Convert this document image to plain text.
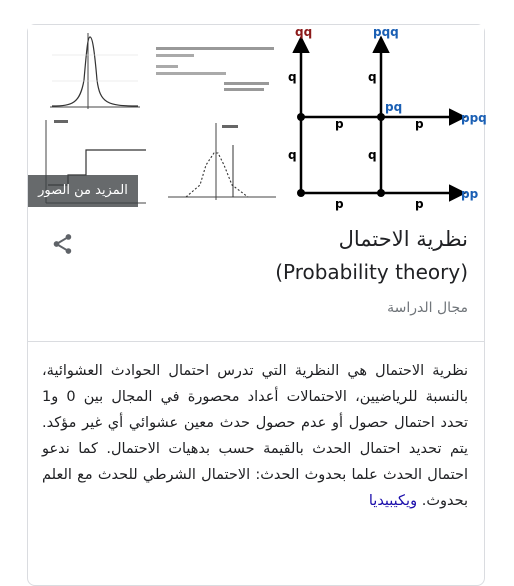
المزيد من الصور
qq	pqq
pq
ppq
pp
q	q
q	q
p	p
p	p
نظرية الاحتمال
(Probability theory)
مجال الدراسة
نظرية الاحتمال هي النظرية التي تدرس احتمال الحوادث العشوائية، بالنسبة للرياضيين، الاحتمالات أعداد محصورة في المجال بين 0 و1 تحدد احتمال حصول أو عدم حصول حدث معين عشوائي أي غير مؤكد. يتم تحديد احتمال الحدث بالقيمة حسب بدهيات الاحتمال. كما ندعو احتمال الحدث علما بحدوث الحدث: الاحتمال الشرطي للحدث مع العلم بحدوث. ويكيبيديا
